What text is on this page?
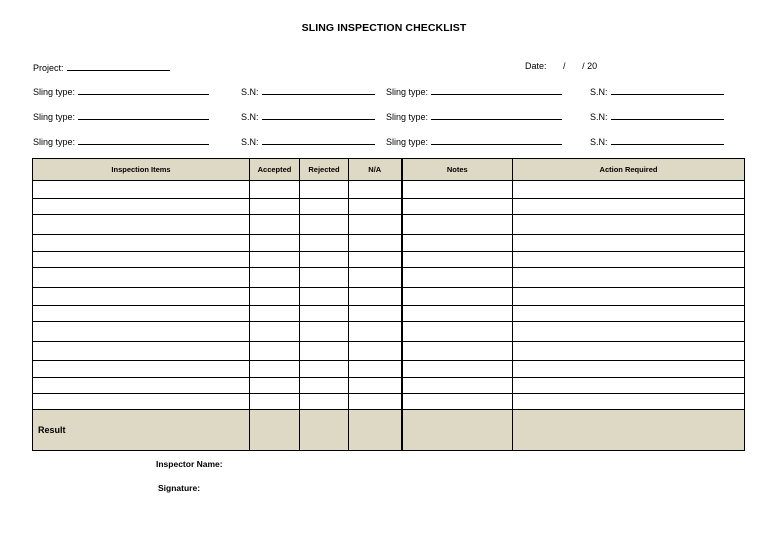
SLING INSPECTION CHECKLIST
Project:	Date: / / 20
Sling type:	S.N:	Sling type:	S.N:
Sling type:	S.N:	Sling type:	S.N:
Sling type:	S.N:	Sling type:	S.N:
Inspection Items	Accepted	Rejected	N/A	Notes	Action Required

Result					
Inspector Name:
Signature:
